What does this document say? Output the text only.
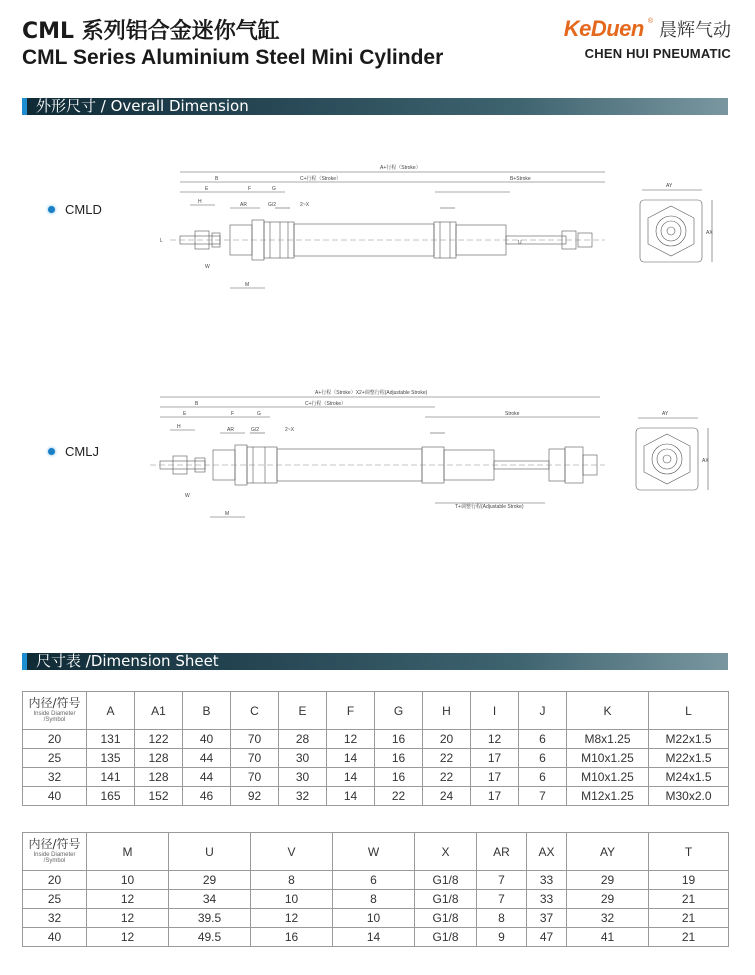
CML 系列铝合金迷你气缸
CML Series Aluminium Steel Mini Cylinder
KeDuen ® 晨辉气动
CHEN HUI PNEUMATIC
外形尺寸 / Overall Dimension
CMLD
A+行程（Stroke）
C+行程（Stroke）	B+Stroke
B
E	F	G
H	AR	G/2	2~X
W
M
L	U
AY
AX
CMLJ
A+行程（Stroke）X2+调整行程(Adjustable Stroke)
C+行程（Stroke）
Stroke
B
E	F	G
H	AR	G/2	2~X
W
M
T+调整行程(Adjustable Stroke)
AY
AX
尺寸表 /Dimension Sheet
内径/符号
Inside Diameter /Symbol	A	A1	B	C	E	F	G	H	I	J	K	L
20	131	122	40	70	28	12	16	20	12	6	M8x1.25	M22x1.5
25	135	128	44	70	30	14	16	22	17	6	M10x1.25	M22x1.5
32	141	128	44	70	30	14	16	22	17	6	M10x1.25	M24x1.5
40	165	152	46	92	32	14	22	24	17	7	M12x1.25	M30x2.0
内径/符号
Inside Diameter /Symbol	M	U	V	W	X	AR	AX	AY	T
20	10	29	8	6	G1/8	7	33	29	19
25	12	34	10	8	G1/8	7	33	29	21
32	12	39.5	12	10	G1/8	8	37	32	21
40	12	49.5	16	14	G1/8	9	47	41	21
